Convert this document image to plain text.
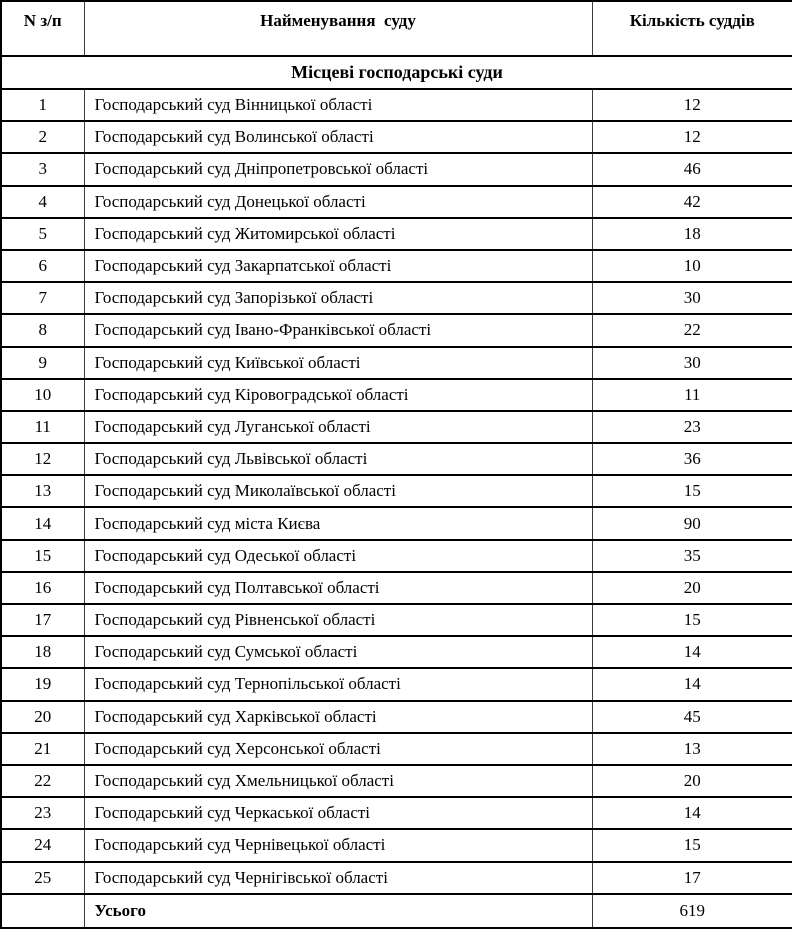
N з/п	Найменування  суду	Кількість суддів
Місцеві господарські суди		
1	Господарський суд Вінницької області	12
2	Господарський суд Волинської області	12
3	Господарський суд Дніпропетровської області	46
4	Господарський суд Донецької області	42
5	Господарський суд Житомирської області	18
6	Господарський суд Закарпатської області	10
7	Господарський суд Запорізької області	30
8	Господарський суд Івано-Франківської області	22
9	Господарський суд Київської області	30
10	Господарський суд Кіровоградської області	11
11	Господарський суд Луганської області	23
12	Господарський суд Львівської області	36
13	Господарський суд Миколаївської області	15
14	Господарський суд міста Києва	90
15	Господарський суд Одеської області	35
16	Господарський суд Полтавської області	20
17	Господарський суд Рівненської області	15
18	Господарський суд Сумської області	14
19	Господарський суд Тернопільської області	14
20	Господарський суд Харківської області	45
21	Господарський суд Херсонської області	13
22	Господарський суд Хмельницької області	20
23	Господарський суд Черкаської області	14
24	Господарський суд Чернівецької області	15
25	Господарський суд Чернігівської області	17
	Усього	619
